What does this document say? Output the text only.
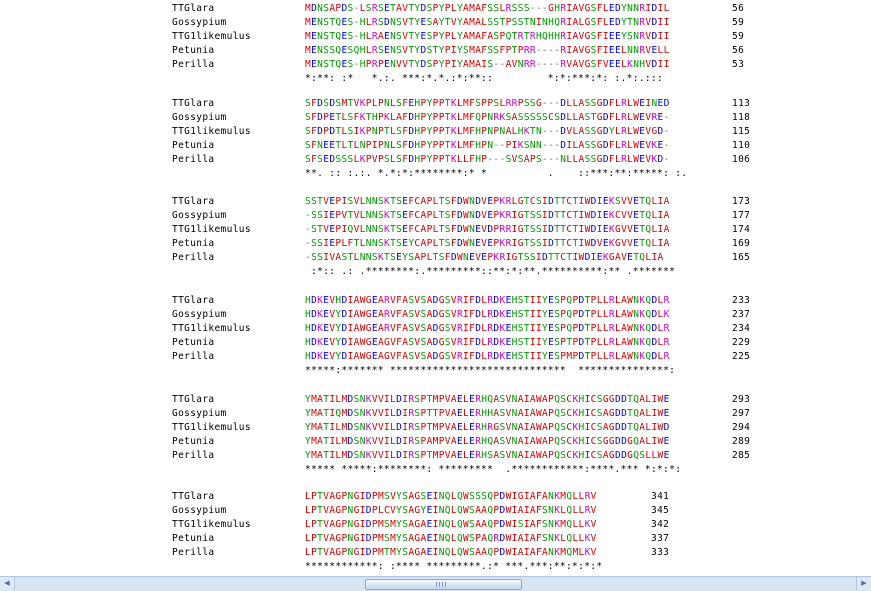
TTGlara	MDNSAPDS-LSRSETAVTYDSPYPLYAMAFSSLRSSS---GHRIAVGSFLEDYNNRIDIL	56
Gossypium	MENSTQES-HLRSDNSVTYESAYTVYAMALSSTPSSTNINHQRIALGSFLEDYTNRVDII	59
TTG1likemulus	MENSTQES-HLRAENSVTYESPYPLYAMAFASPQTRTRHQHHRIAVGSFIEEYSNRVDII	59
Petunia	MENSSQESQHLRSENSVTYDSTYPIYSMAFSSFPTPRR----RIAVGSFIEELNNRVELL	56
Perilla	MENSTQES-HPRPENVVTYDSPYPIYAMAIS--AVNRR----RVAVGSFVEELKNHVDII	53
*:**: :*   *.:. ***:*.*.:*:**::         *:*:***:*: :.*:.:::
TTGlara	SFDSDSMTVKPLPNLSFEHPYPPTKLMFSPPSLRRPSSG---DLLASSGDFLRLWEINED	113
Gossypium	SFDPETLSFKTHPKLAFDHPYPPTKLMFQPNRKSASSSSSCSDLLASTGDFLRLWEVRE-	118
TTG1likemulus	SFDPDTLSIKPNPTLSFDHPYPPTKLMFHPNPNALHKTN---DVLASSGDYLRLWEVGD-	115
Petunia	SFNEETLTLNPIPNLSFDHPYPPTKLMFHPN--PIKSNN---DILASSGDFLRLWEVKE-	110
Perilla	SFSEDSSSLKPVPSLSFDHPYPPTKLLFHP---SVSAPS---NLLASSGDFLRLWEVKD-	106
**. :: :.:. *.*:*:********:* *          .    ::***:**:*****: :.
TTGlara	SSTVEPISVLNNSKTSEFCAPLTSFDWNDVEPKRLGTCSIDTTCTIWDIEKSVVETQLIA	173
Gossypium	-SSIEPVTVLNNSKTSEFCAPLTSFDWNDVEPKRIGTSSIDTTCTIWDIEKCVVETQLIA	177
TTG1likemulus	-STVEPIQVLNNSKTSEFCAPLTSFDWNEVDPRRIGTSSIDTTCTIWDIEKGVVETQLIA	174
Petunia	-SSIEPLFTLNNSKTSEYCAPLTSFDWNEVEPKRIGTSSIDTTCTIWDVEKGVVETQLIA	169
Perilla	-SSIVASTLNNSKTSEYSAPLTSFDWNEVEPKRIGTSSIDTTCTIWDIEKGAVETQLIA	165
:*:: .: .********:.*********::**:*:**.**********:** .*******
TTGlara	HDKEVHDIAWGEARVFASVSADGSVRIFDLRDKEHSTIIYESPQPDTPLLRLAWNKQDLR	233
Gossypium	HDKEVYDIAWGEARVFASVSADGSVRIFDLRDKEHSTIIYESPQPDTPLLRLAWNKQDLK	237
TTG1likemulus	HDKEVYDIAWGEARVFASVSADGSVRIFDLRDKEHSTIIYESPQPDTPLLRLAWNKQDLR	234
Petunia	HDKEVYDIAWGEAGVFASVSADGSVRIFDLRDKEHSTIIYESPTPDTPLLRLAWNKQDLR	229
Perilla	HDKEVYDIAWGEAGVFASVSADGSVRIFDLRDKEHSTIIYESPMPDTPLLRLAWNKQDLR	225
*****:******* *****************************  ***************:
TTGlara	YMATILMDSNKVVILDIRSPTMPVAELERHQASVNAIAWAPQSCKHICSGGDDTQALIWE	293
Gossypium	YMATIQMDSNKVVILDIRSPTTPVAELERHHASVNAIAWAPQSCKHICSAGDDTQALIWE	297
TTG1likemulus	YMATILMDSNKVVILDIRSPTMPVAELERHRGSVNAIAWAPQSCKHICSAGDDTQALIWD	294
Petunia	YMATILMDSNKVVILDIRSPAMPVAELERHQASVNAIAWAPQSCKHICSGGDDGQALIWE	289
Perilla	YMATILMDSNKVVILDIRSPTMPVAELERHSASVNAIAWAPQSCKHICSAGDDGQSLLWE	285
***** *****:********: *********  .************:****.*** *:*:*:
TTGlara	LPTVAGPNGIDPMSVYSAGSEINQLQWSSSQPDWIGIAFANKMQLLRV	341
Gossypium	LPTVAGPNGIDPLCVYSAGYEINQLQWSAAQPDWIAIAFSNKLQLLRV	345
TTG1likemulus	LPTVAGPNGIDPMSMYSAGAEINQLQWSAAQPDWISIAFSNKMQLLKV	342
Petunia	LPTVAGPNGIDPMSMYSAGAEINQLQWSPAQRDWIAIAFSNKLQLLKV	337
Perilla	LPTVAGPNGIDPMTMYSAGAEINQLQWSAAQPDWIAIAFANKMQMLKV	333
************: :**** *********.:* ***.***:**:*:*:*
◀	▶
